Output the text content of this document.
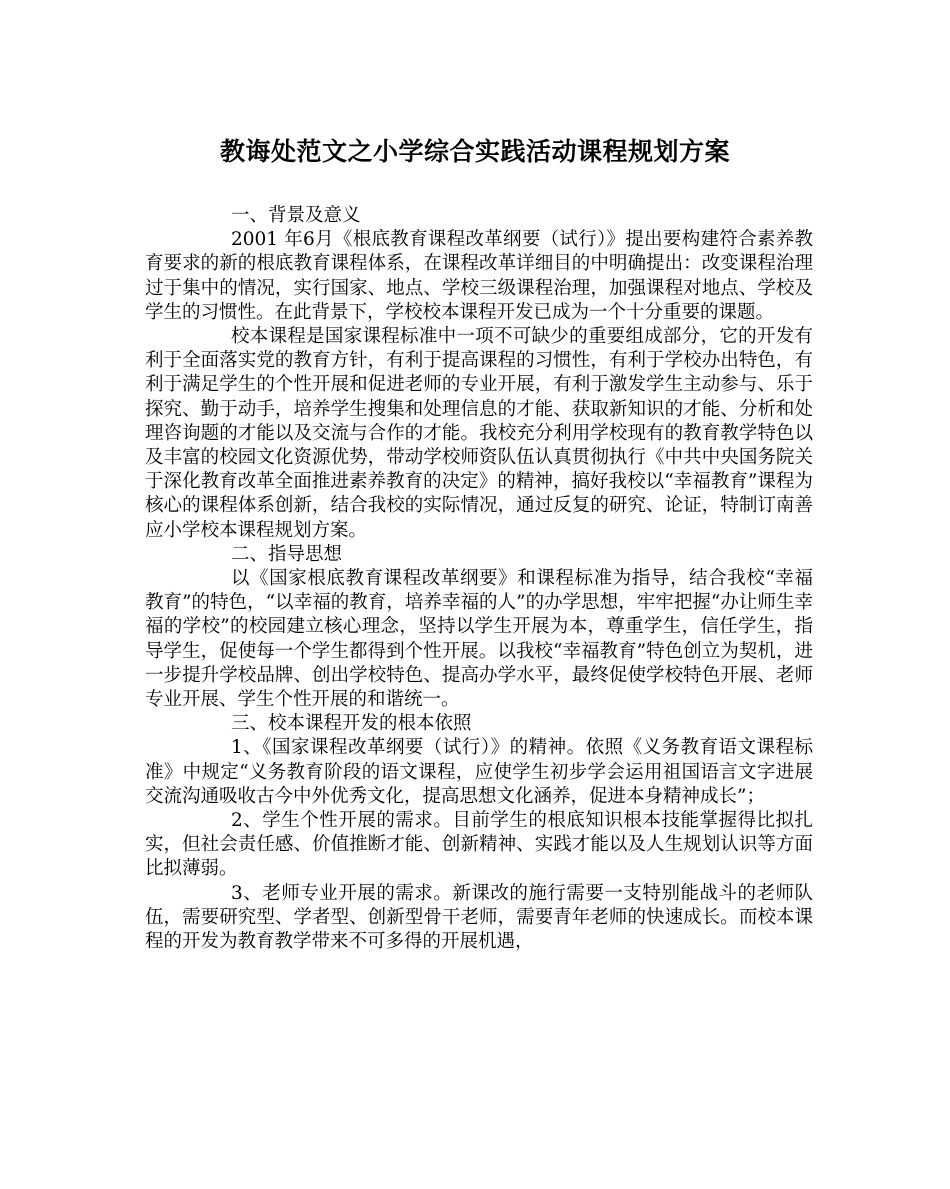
教诲处范文之小学综合实践活动课程规划方案

一、背景及意义

2001 年6月《根底教育课程改革纲要（试行）》提出要构建符合素养教育要求的新的根底教育课程体系，在课程改革详细目的中明确提出：改变课程治理过于集中的情况，实行国家、地点、学校三级课程治理，加强课程对地点、学校及学生的习惯性。在此背景下，学校校本课程开发已成为一个十分重要的课题。

校本课程是国家课程标准中一项不可缺少的重要组成部分，它的开发有利于全面落实党的教育方针，有利于提高课程的习惯性，有利于学校办出特色，有利于满足学生的个性开展和促进老师的专业开展，有利于激发学生主动参与、乐于探究、勤于动手，培养学生搜集和处理信息的才能、获取新知识的才能、分析和处理咨询题的才能以及交流与合作的才能。我校充分利用学校现有的教育教学特色以及丰富的校园文化资源优势，带动学校师资队伍认真贯彻执行《中共中央国务院关于深化教育改革全面推进素养教育的决定》的精神，搞好我校以“幸福教育”课程为核心的课程体系创新，结合我校的实际情况，通过反复的研究、论证，特制订南善应小学校本课程规划方案。

二、指导思想

以《国家根底教育课程改革纲要》和课程标准为指导，结合我校“幸福教育”的特色，“以幸福的教育，培养幸福的人”的办学思想，牢牢把握“办让师生幸福的学校”的校园建立核心理念，坚持以学生开展为本，尊重学生，信任学生，指导学生，促使每一个学生都得到个性开展。以我校“幸福教育”特色创立为契机，进一步提升学校品牌、创出学校特色、提高办学水平，最终促使学校特色开展、老师专业开展、学生个性开展的和谐统一。

三、校本课程开发的根本依照

1、《国家课程改革纲要（试行）》的精神。依照《义务教育语文课程标准》中规定“义务教育阶段的语文课程，应使学生初步学会运用祖国语言文字进展交流沟通吸收古今中外优秀文化，提高思想文化涵养，促进本身精神成长”；

2、学生个性开展的需求。目前学生的根底知识根本技能掌握得比拟扎实，但社会责任感、价值推断才能、创新精神、实践才能以及人生规划认识等方面比拟薄弱。

3、老师专业开展的需求。新课改的施行需要一支特别能战斗的老师队伍，需要研究型、学者型、创新型骨干老师，需要青年老师的快速成长。而校本课程的开发为教育教学带来不可多得的开展机遇，
